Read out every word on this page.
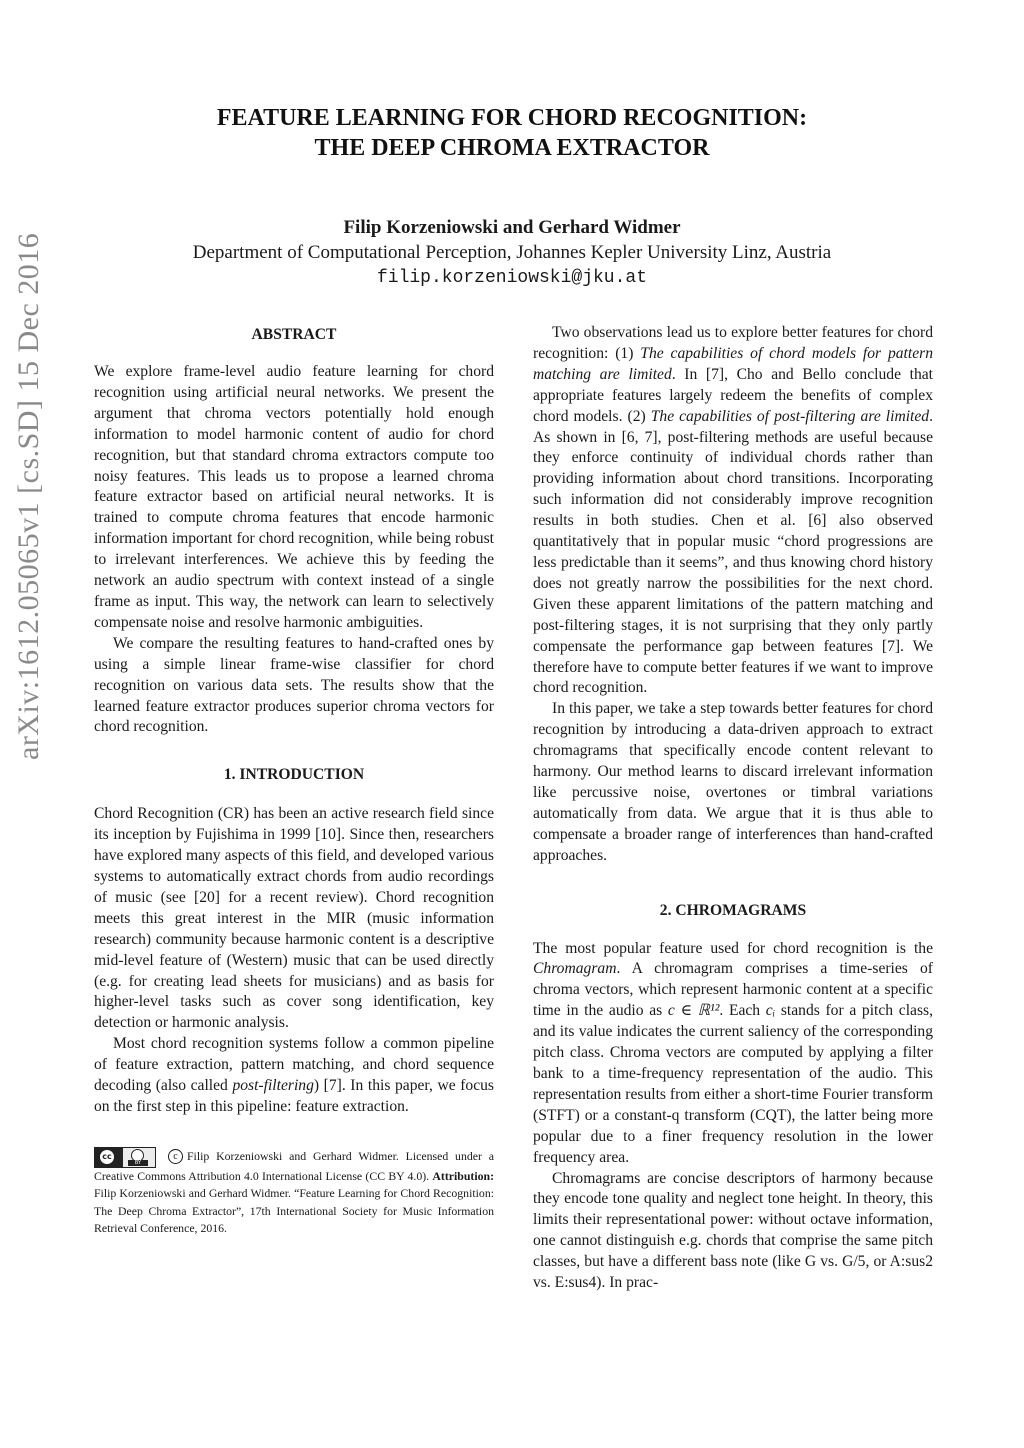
arXiv:1612.05065v1 [cs.SD] 15 Dec 2016
FEATURE LEARNING FOR CHORD RECOGNITION:
THE DEEP CHROMA EXTRACTOR
Filip Korzeniowski and Gerhard Widmer
Department of Computational Perception, Johannes Kepler University Linz, Austria
filip.korzeniowski@jku.at
ABSTRACT

We explore frame-level audio feature learning for chord recognition using artificial neural networks. We present the argument that chroma vectors potentially hold enough information to model harmonic content of audio for chord recognition, but that standard chroma extractors compute too noisy features. This leads us to propose a learned chroma feature extractor based on artificial neural networks. It is trained to compute chroma features that encode harmonic information important for chord recognition, while being robust to irrelevant interferences. We achieve this by feeding the network an audio spectrum with context instead of a single frame as input. This way, the network can learn to selectively compensate noise and resolve harmonic ambiguities.

We compare the resulting features to hand-crafted ones by using a simple linear frame-wise classifier for chord recognition on various data sets. The results show that the learned feature extractor produces superior chroma vectors for chord recognition.

1. INTRODUCTION

Chord Recognition (CR) has been an active research field since its inception by Fujishima in 1999 [10]. Since then, researchers have explored many aspects of this field, and developed various systems to automatically extract chords from audio recordings of music (see [20] for a recent review). Chord recognition meets this great interest in the MIR (music information research) community because harmonic content is a descriptive mid-level feature of (Western) music that can be used directly (e.g. for creating lead sheets for musicians) and as basis for higher-level tasks such as cover song identification, key detection or harmonic analysis.

Most chord recognition systems follow a common pipeline of feature extraction, pattern matching, and chord sequence decoding (also called post-filtering) [7]. In this paper, we focus on the first step in this pipeline: feature extraction.

cc
BY
c Filip Korzeniowski and Gerhard Widmer. Licensed under a Creative Commons Attribution 4.0 International License (CC BY 4.0). Attribution: Filip Korzeniowski and Gerhard Widmer. “Feature Learning for Chord Recognition: The Deep Chroma Extractor”, 17th International Society for Music Information Retrieval Conference, 2016.

Two observations lead us to explore better features for chord recognition: (1) The capabilities of chord models for pattern matching are limited. In [7], Cho and Bello conclude that appropriate features largely redeem the benefits of complex chord models. (2) The capabilities of post-filtering are limited. As shown in [6, 7], post-filtering methods are useful because they enforce continuity of individual chords rather than providing information about chord transitions. Incorporating such information did not considerably improve recognition results in both studies. Chen et al. [6] also observed quantitatively that in popular music “chord progressions are less predictable than it seems”, and thus knowing chord history does not greatly narrow the possibilities for the next chord. Given these apparent limitations of the pattern matching and post-filtering stages, it is not surprising that they only partly compensate the performance gap between features [7]. We therefore have to compute better features if we want to improve chord recognition.

In this paper, we take a step towards better features for chord recognition by introducing a data-driven approach to extract chromagrams that specifically encode content relevant to harmony. Our method learns to discard irrelevant information like percussive noise, overtones or timbral variations automatically from data. We argue that it is thus able to compensate a broader range of interferences than hand-crafted approaches.

2. CHROMAGRAMS

The most popular feature used for chord recognition is the Chromagram. A chromagram comprises a time-series of chroma vectors, which represent harmonic content at a specific time in the audio as c ∈ ℝ¹². Each cᵢ stands for a pitch class, and its value indicates the current saliency of the corresponding pitch class. Chroma vectors are computed by applying a filter bank to a time-frequency representation of the audio. This representation results from either a short-time Fourier transform (STFT) or a constant-q transform (CQT), the latter being more popular due to a finer frequency resolution in the lower frequency area.

Chromagrams are concise descriptors of harmony because they encode tone quality and neglect tone height. In theory, this limits their representational power: without octave information, one cannot distinguish e.g. chords that comprise the same pitch classes, but have a different bass note (like G vs. G/5, or A:sus2 vs. E:sus4). In prac-
